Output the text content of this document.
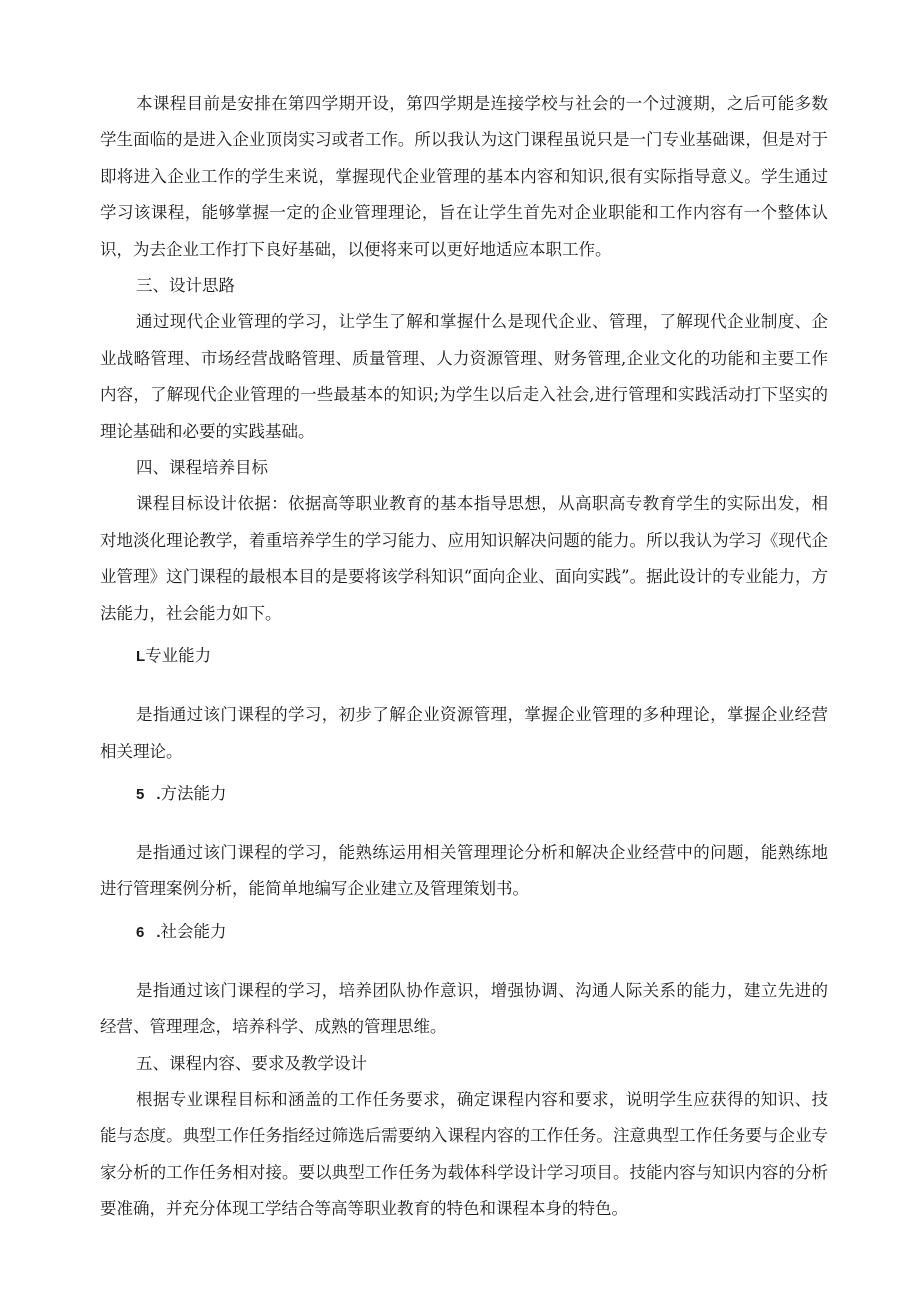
本课程目前是安排在第四学期开设，第四学期是连接学校与社会的一个过渡期，之后可能多数学生面临的是进入企业顶岗实习或者工作。所以我认为这门课程虽说只是一门专业基础课，但是对于即将进入企业工作的学生来说，掌握现代企业管理的基本内容和知识,很有实际指导意义。学生通过学习该课程，能够掌握一定的企业管理理论，旨在让学生首先对企业职能和工作内容有一个整体认识，为去企业工作打下良好基础，以便将来可以更好地适应本职工作。

三、设计思路

通过现代企业管理的学习，让学生了解和掌握什么是现代企业、管理，了解现代企业制度、企业战略管理、市场经营战略管理、质量管理、人力资源管理、财务管理,企业文化的功能和主要工作内容，了解现代企业管理的一些最基本的知识;为学生以后走入社会,进行管理和实践活动打下坚实的理论基础和必要的实践基础。

四、课程培养目标

课程目标设计依据：依据高等职业教育的基本指导思想，从高职高专教育学生的实际出发，相对地淡化理论教学，着重培养学生的学习能力、应用知识解决问题的能力。所以我认为学习《现代企业管理》这门课程的最根本目的是要将该学科知识“面向企业、面向实践”。据此设计的专业能力，方法能力，社会能力如下。

L专业能力

是指通过该门课程的学习，初步了解企业资源管理，掌握企业管理的多种理论，掌握企业经营相关理论。

5 .方法能力

是指通过该门课程的学习，能熟练运用相关管理理论分析和解决企业经营中的问题，能熟练地进行管理案例分析，能简单地编写企业建立及管理策划书。

6 .社会能力

是指通过该门课程的学习，培养团队协作意识，增强协调、沟通人际关系的能力，建立先进的经营、管理理念，培养科学、成熟的管理思维。

五、课程内容、要求及教学设计

根据专业课程目标和涵盖的工作任务要求，确定课程内容和要求，说明学生应获得的知识、技能与态度。典型工作任务指经过筛选后需要纳入课程内容的工作任务。注意典型工作任务要与企业专家分析的工作任务相对接。要以典型工作任务为载体科学设计学习项目。技能内容与知识内容的分析要准确，并充分体现工学结合等高等职业教育的特色和课程本身的特色。
